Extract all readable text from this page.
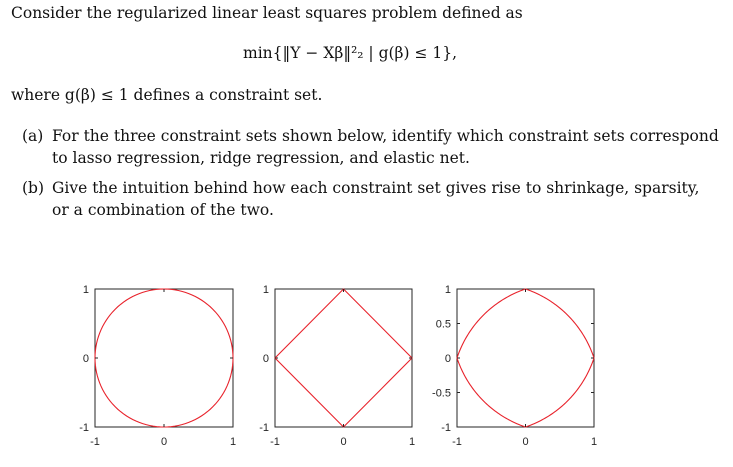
Consider the regularized linear least squares problem defined as
min{‖Y − Xβ‖²₂ | g(β) ≤ 1},
where g(β) ≤ 1 defines a constraint set.
(a) For the three constraint sets shown below, identify which constraint sets correspond
to lasso regression, ridge regression, and elastic net.
(b) Give the intuition behind how each constraint set gives rise to shrinkage, sparsity,
or a combination of the two.
-1	0	1
-1
0
1
-1	0	1
-1
0
1
-1	0	1
-1
-0.5
0
0.5
1
